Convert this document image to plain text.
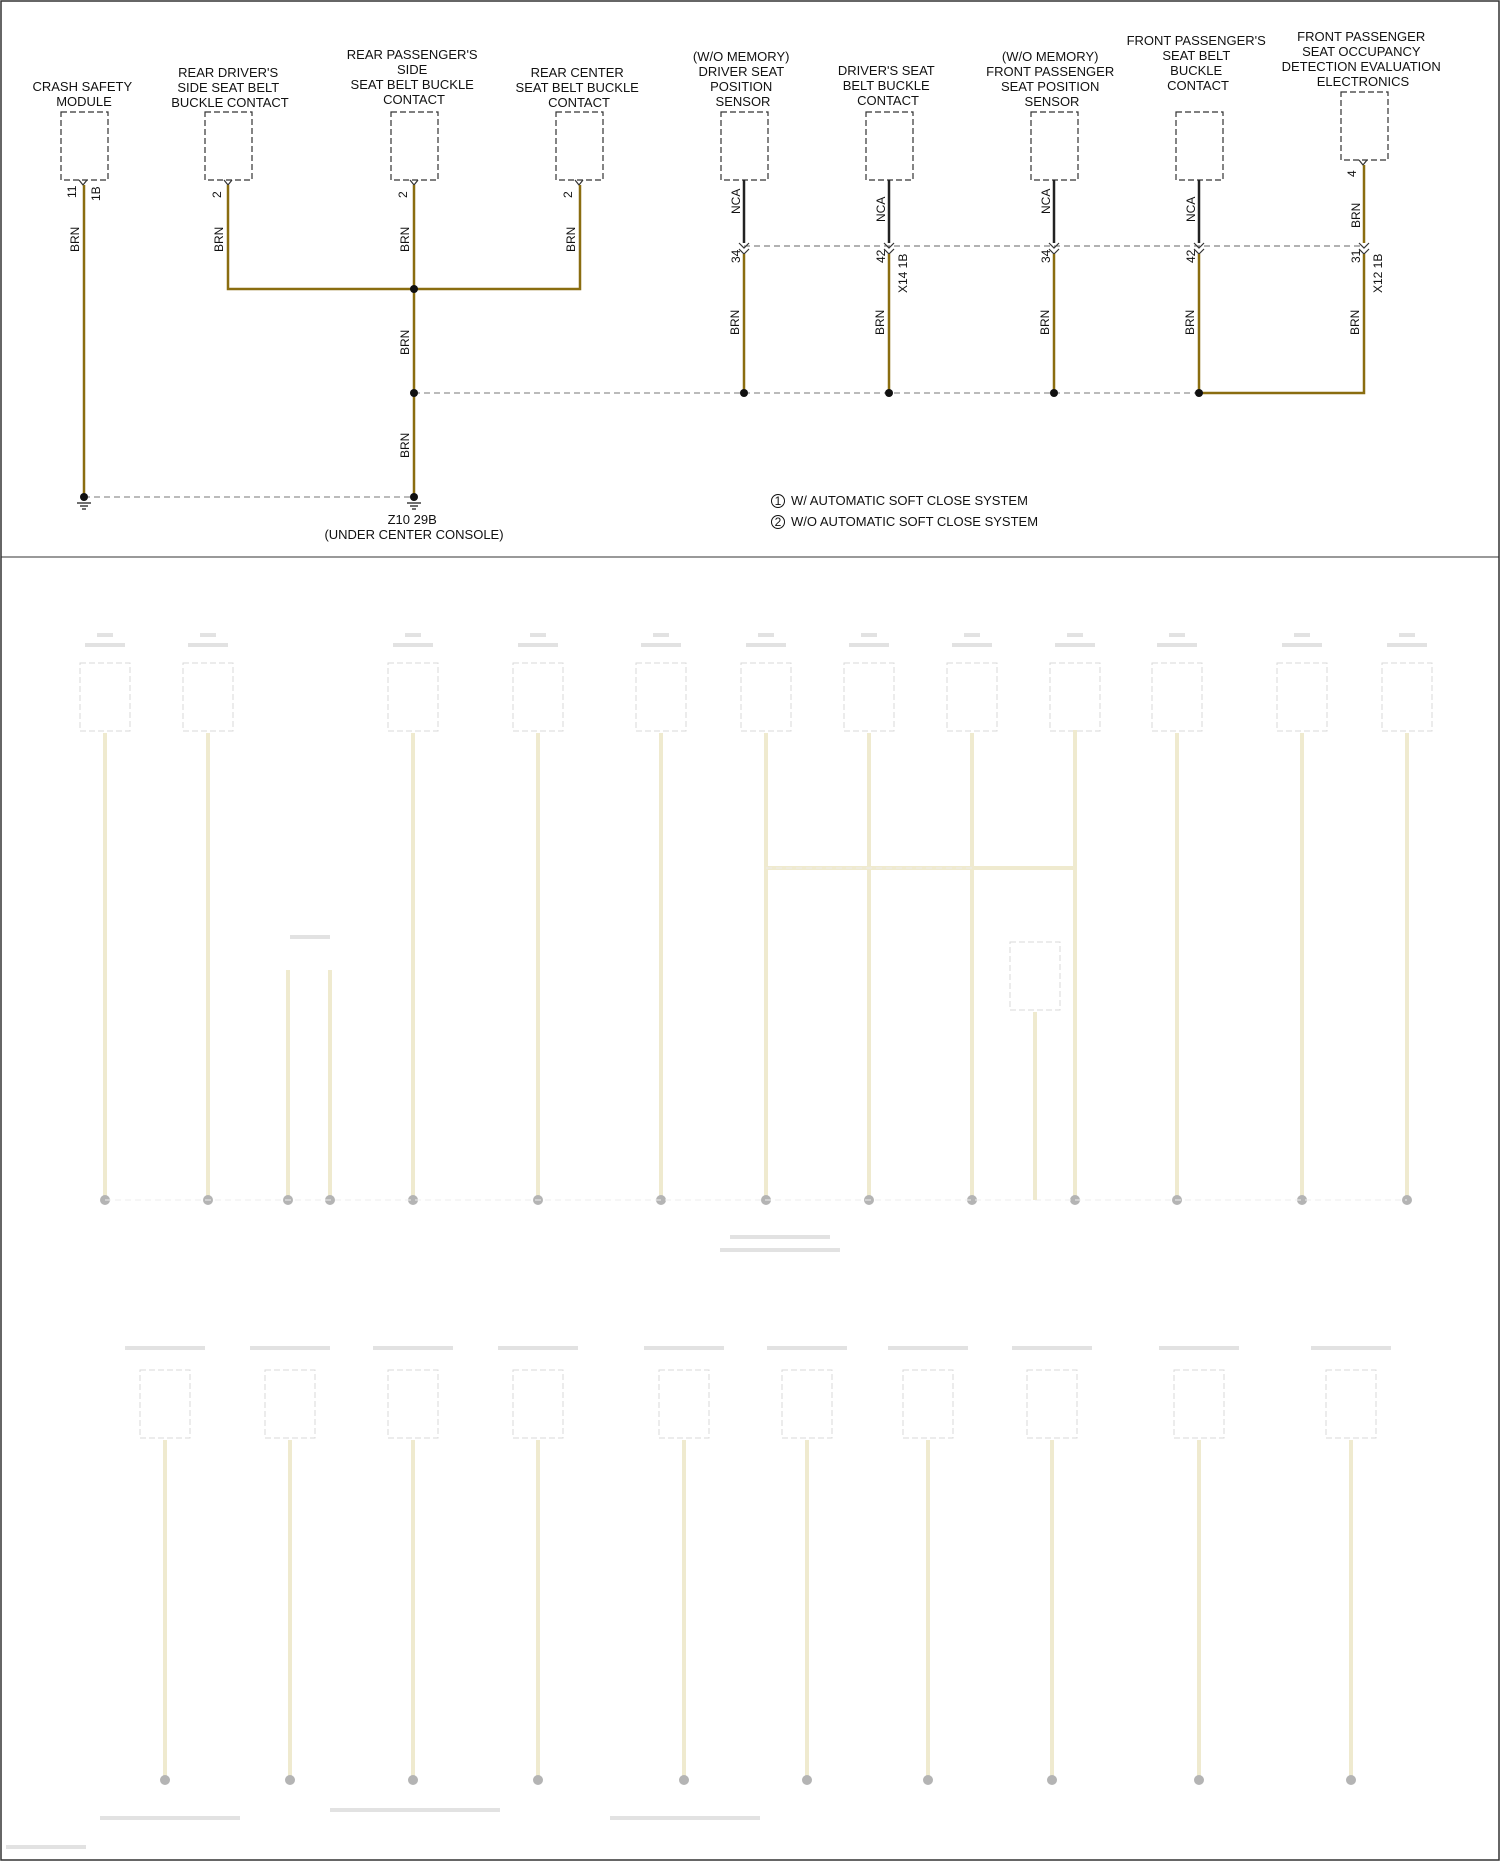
CRASH SAFETY MODULE
REAR DRIVER'S SIDE SEAT BELT BUCKLE CONTACT
REAR PASSENGER'S SIDE SEAT BELT BUCKLE CONTACT
REAR CENTER SEAT BELT BUCKLE CONTACT
(W/O MEMORY) DRIVER SEAT POSITION SENSOR
DRIVER'S SEAT BELT BUCKLE CONTACT
(W/O MEMORY) FRONT PASSENGER SEAT POSITION SENSOR
FRONT PASSENGER'S SEAT BELT BUCKLE CONTACT
FRONT PASSENGER SEAT OCCUPANCY DETECTION EVALUATION ELECTRONICS
11 1B	2	2	2
4
NCA	NCA	NCA	NCA	BRN
34	42 X14 1B	34	42	31 X12 1B
BRN	BRN	BRN	BRN
BRN
BRN
BRN	BRN	BRN	BRN	BRN
Z10 29B (UNDER CENTER CONSOLE)
1 W/ AUTOMATIC SOFT CLOSE SYSTEM
2 W/O AUTOMATIC SOFT CLOSE SYSTEM
